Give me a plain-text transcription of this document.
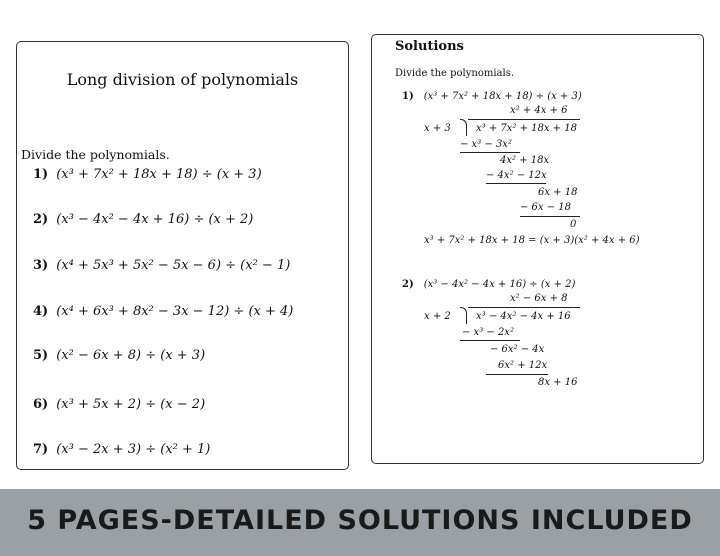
Long division of polynomials
Divide the polynomials.
1) (x³ + 7x² + 18x + 18) ÷ (x + 3)
2) (x³ − 4x² − 4x + 16) ÷ (x + 2)
3) (x⁴ + 5x³ + 5x² − 5x − 6) ÷ (x² − 1)
4) (x⁴ + 6x³ + 8x² − 3x − 12) ÷ (x + 4)
5) (x² − 6x + 8) ÷ (x + 3)
6) (x³ + 5x + 2) ÷ (x − 2)
7) (x³ − 2x + 3) ÷ (x² + 1)
Solutions
Divide the polynomials.
1) (x³ + 7x² + 18x + 18) ÷ (x + 3)
x² + 4x + 6
x + 3	x³ + 7x² + 18x + 18
− x³ − 3x²
4x² + 18x
− 4x² − 12x
6x + 18
− 6x − 18
0
x³ + 7x² + 18x + 18 = (x + 3)(x² + 4x + 6)
2) (x³ − 4x² − 4x + 16) ÷ (x + 2)
x² − 6x + 8
x + 2	x³ − 4x² − 4x + 16
− x³ − 2x²
− 6x² − 4x
6x² + 12x
8x + 16
5 PAGES-DETAILED SOLUTIONS INCLUDED
